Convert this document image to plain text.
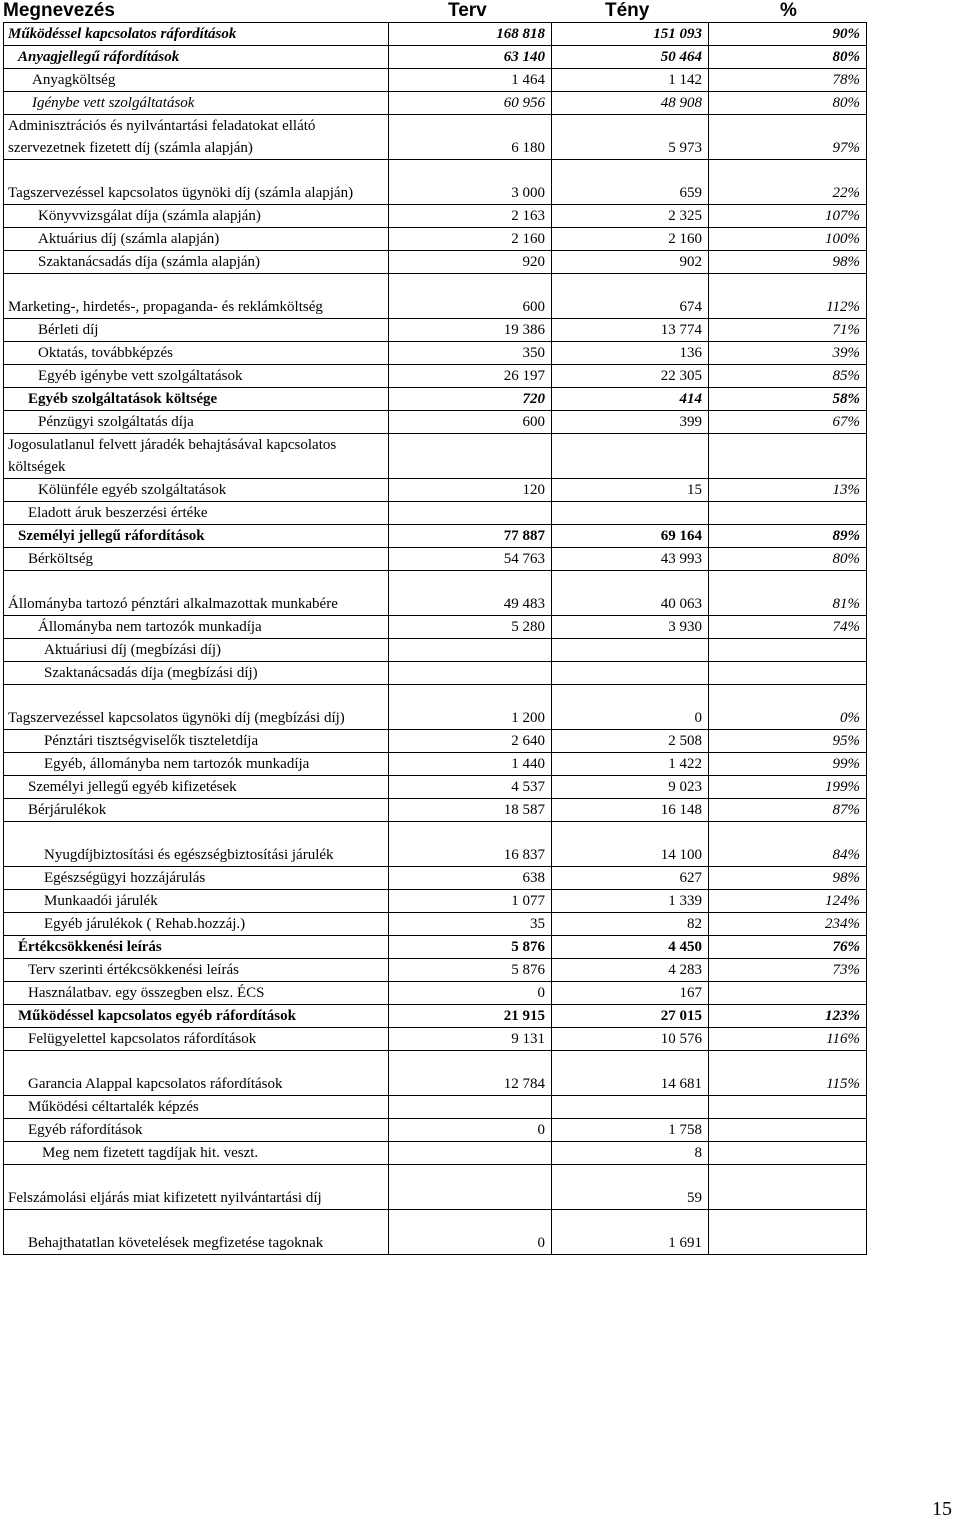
Megnevezés	Terv	Tény	%
Működéssel kapcsolatos ráfordítások	168 818	151 093	90%
Anyagjellegű ráfordítások	63 140	50 464	80%
Anyagköltség	1 464	1 142	78%
Igénybe vett szolgáltatások	60 956	48 908	80%
Adminisztrációs és nyilvántartási feladatokat ellátó szervezetnek fizetett díj (számla alapján)	6 180	5 973	97%
Tagszervezéssel kapcsolatos ügynöki díj (számla alapján)	3 000	659	22%
Könyvvizsgálat díja (számla alapján)	2 163	2 325	107%
Aktuárius díj (számla alapján)	2 160	2 160	100%
Szaktanácsadás díja (számla alapján)	920	902	98%
Marketing-, hirdetés-, propaganda- és reklámköltség	600	674	112%
Bérleti díj	19 386	13 774	71%
Oktatás, továbbképzés	350	136	39%
Egyéb igénybe vett szolgáltatások	26 197	22 305	85%
Egyéb szolgáltatások költsége	720	414	58%
Pénzügyi szolgáltatás díja	600	399	67%
Jogosulatlanul felvett járadék behajtásával kapcsolatos költségek			
Kölünféle egyéb szolgáltatások	120	15	13%
Eladott áruk beszerzési értéke			
Személyi jellegű ráfordítások	77 887	69 164	89%
Bérköltség	54 763	43 993	80%
Állományba tartozó pénztári alkalmazottak munkabére	49 483	40 063	81%
Állományba nem tartozók munkadíja	5 280	3 930	74%
Aktuáriusi díj (megbízási díj)			
Szaktanácsadás díja (megbízási díj)			
Tagszervezéssel kapcsolatos ügynöki díj (megbízási díj)	1 200	0	0%
Pénztári tisztségviselők tiszteletdíja	2 640	2 508	95%
Egyéb, állományba nem tartozók munkadíja	1 440	1 422	99%
Személyi jellegű egyéb kifizetések	4 537	9 023	199%
Bérjárulékok	18 587	16 148	87%
Nyugdíjbiztosítási és egészségbiztosítási járulék	16 837	14 100	84%
Egészségügyi hozzájárulás	638	627	98%
Munkaadói járulék	1 077	1 339	124%
Egyéb járulékok ( Rehab.hozzáj.)	35	82	234%
Értékcsökkenési leírás	5 876	4 450	76%
Terv szerinti értékcsökkenési leírás	5 876	4 283	73%
Használatbav. egy összegben elsz. ÉCS	0	167	
Működéssel kapcsolatos egyéb ráfordítások	21 915	27 015	123%
Felügyelettel kapcsolatos ráfordítások	9 131	10 576	116%
Garancia Alappal kapcsolatos ráfordítások	12 784	14 681	115%
Működési céltartalék képzés			
Egyéb ráfordítások	0	1 758	
Meg nem fizetett tagdíjak hit. veszt.		8	
Felszámolási eljárás miat kifizetett nyilvántartási díj		59	
Behajthatatlan követelések megfizetése tagoknak	0	1 691	
15
